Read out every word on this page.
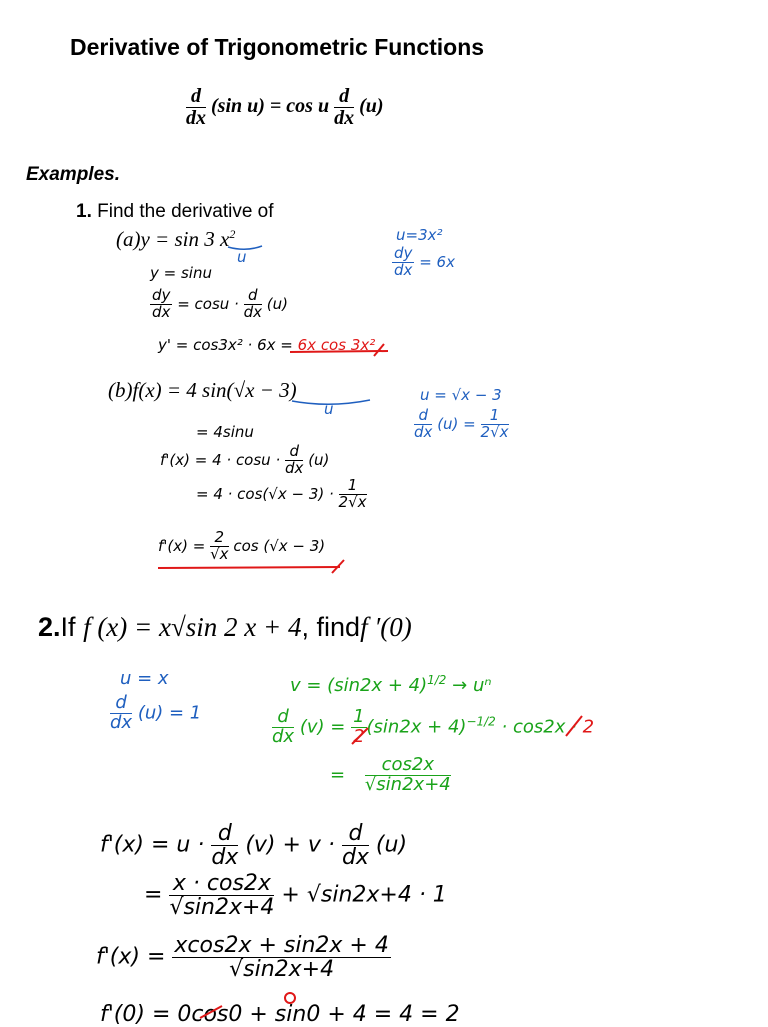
Derivative of Trigonometric Functions
$\frac{d}{dx} (\sin$ u) = cos u $\frac{d}{dx} (u)$
Examples.
1. Find the derivative of
(a)y = sin 3 $x^2$
u
u=3x²
$\frac{dy}{dx} = 6x$
y = sinu
$\frac{dy}{dx} = \cos u \cdot \frac{d}{dx} (u)$
y' = cos3x² · 6x = 6x cos 3x²
(b)f(x) = 4 sin(√x − 3)
u
u = √x − 3
$\frac{d}{dx} (u) = \frac{1}{2√x}$
= 4sinu
$f'(x) = 4 \cdot \cos u \cdot \frac{d}{dx} (u)$
= $4 \cdot \cos(√x - 3) \cdot \frac{1}{2√x}$
$f'(x) = \frac{2}{√x}$ cos (√x − 3)
2.If f (x) = x√sin 2 x + 4, findf ′(0)
u = x
$\frac{d}{dx} (u) = 1$
$v = (\sin 2x + 4)^{1/2} \to u^n$
$\frac{d}{dx} (v) = \frac{1}{2} (\sin 2x + 4)^{-1/2} \cdot \cos 2x \cdot 2$
= $\frac{\cos 2x}{√\sin 2x+4}$
$f'(x) = u \cdot \frac{d}{dx} (v) + v \cdot \frac{d}{dx} (u)$
= $\frac{x \cdot \cos 2x}{√\sin 2x+4} + √\sin 2x+4 \cdot 1$
$f'(x) = \frac{xcos2x + \sin 2x + 4}{√\sin 2x+4}$
f'(0) = 0cos0 + sin0 + 4 = 4 = 2
